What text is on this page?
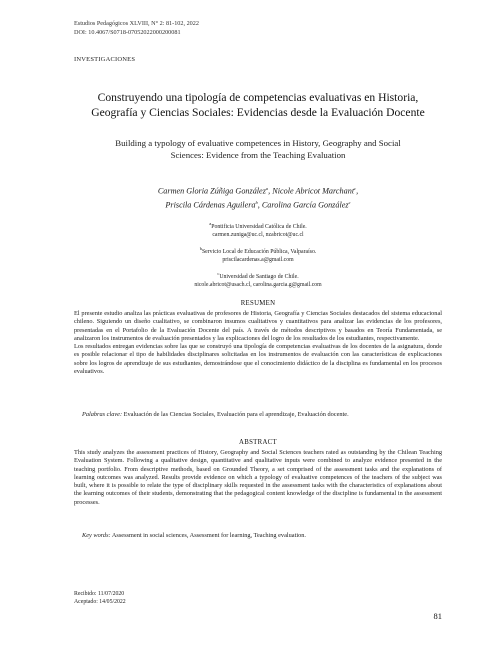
Estudios Pedagógicos XLVIII, N° 2: 81-102, 2022
DOI: 10.4067/S0718-07052022000200081
INVESTIGACIONES
Construyendo una tipología de competencias evaluativas en Historia,
Geografía y Ciencias Sociales: Evidencias desde la Evaluación Docente
Building a typology of evaluative competences in History, Geography and Social
Sciences: Evidence from the Teaching Evaluation
Carmen Gloria Zúñiga González$^a$, Nicole Abricot Marchant$^c$,
Priscila Cárdenas Aguilera$^b$, Carolina García González$^c$
$^a$Pontificia Universidad Católica de Chile.
carmen.zuniga@uc.cl, nzabricot@uc.cl
$^b$Servicio Local de Educación Pública, Valparaíso.
priscilacardenas.a@gmail.com
$^c$Universidad de Santiago de Chile.
nicole.abricot@usach.cl, carolina.garcia.g@gmail.com
RESUMEN

El presente estudio analiza las prácticas evaluativas de profesores de Historia, Geografía y Ciencias Sociales destacados del sistema educacional chileno. Siguiendo un diseño cualitativo, se combinaron insumos cualitativos y cuantitativos para analizar las evidencias de los profesores, presentadas en el Portafolio de la Evaluación Docente del país. A través de métodos descriptivos y basados en Teoría Fundamentada, se analizaron los instrumentos de evaluación presentados y las explicaciones del logro de los resultados de los estudiantes, respectivamente.

Los resultados entregan evidencias sobre las que se construyó una tipología de competencias evaluativas de los docentes de la asignatura, donde es posible relacionar el tipo de habilidades disciplinares solicitadas en los instrumentos de evaluación con las características de explicaciones sobre los logros de aprendizaje de sus estudiantes, demostrándose que el conocimiento didáctico de la disciplina es fundamental en los procesos evaluativos.

Palabras clave: Evaluación de las Ciencias Sociales, Evaluación para el aprendizaje, Evaluación docente.
ABSTRACT

This study analyzes the assessment practices of History, Geography and Social Sciences teachers rated as outstanding by the Chilean Teaching Evaluation System. Following a qualitative design, quantitative and qualitative inputs were combined to analyze evidence presented in the teaching portfolio. From descriptive methods, based on Grounded Theory, a set comprised of the assessment tasks and the explanations of learning outcomes was analyzed. Results provide evidence on which a typology of evaluative competences of the teachers of the subject was built, where it is possible to relate the type of disciplinary skills requested in the assessment tasks with the characteristics of explanations about the learning outcomes of their students, demonstrating that the pedagogical content knowledge of the discipline is fundamental in the assessment processes.

Key words: Assessment in social sciences, Assessment for learning, Teaching evaluation.
Recibido: 11/07/2020
Aceptado: 14/05/2022
81
